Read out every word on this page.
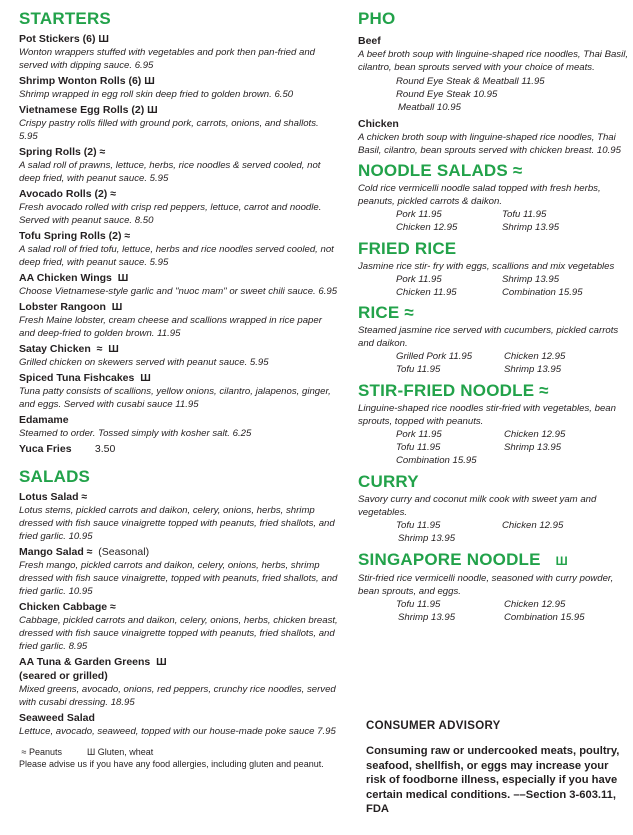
STARTERS
Pot Stickers (6) Ш
Wonton wrappers stuffed with vegetables and pork then pan-fried and served with dipping sauce. 6.95
Shrimp Wonton Rolls (6) Ш
Shrimp wrapped in egg roll skin deep fried to golden brown. 6.50
Vietnamese Egg Rolls (2) Ш
Crispy pastry rolls filled with ground pork, carrots, onions, and shallots. 5.95
Spring Rolls (2) ≈
A salad roll of prawns, lettuce, herbs, rice noodles & served cooled, not deep fried, with peanut sauce. 5.95
Avocado Rolls (2) ≈
Fresh avocado rolled with crisp red peppers, lettuce, carrot and noodle. Served with peanut sauce. 8.50
Tofu Spring Rolls (2) ≈
A salad roll of fried tofu, lettuce, herbs and rice noodles served cooled, not deep fried, with peanut sauce. 5.95
AA Chicken Wings  Ш
Choose Vietnamese-style garlic and "nuoc mam" or sweet chili sauce. 6.95
Lobster Rangoon  Ш
Fresh Maine lobster, cream cheese and scallions wrapped in rice paper and deep-fried to golden brown. 11.95
Satay Chicken  ≈  Ш
Grilled chicken on skewers served with peanut sauce. 5.95
Spiced Tuna Fishcakes  Ш
Tuna patty consists of scallions, yellow onions, cilantro, jalapenos, ginger, and eggs. Served with cusabi sauce 11.95
Edamame
Steamed to order. Tossed simply with kosher salt. 6.25
Yuca Fries        3.50
SALADS
Lotus Salad ≈
Lotus stems, pickled carrots and daikon, celery, onions, herbs, shrimp dressed with fish sauce vinaigrette topped with peanuts, fried shallots, and fried garlic. 10.95
Mango Salad ≈  (Seasonal)
Fresh mango, pickled carrots and daikon, celery, onions, herbs, shrimp dressed with fish sauce vinaigrette, topped with peanuts, fried shallots, and fried garlic. 10.95
Chicken Cabbage ≈
Cabbage, pickled carrots and daikon, celery, onions, herbs, chicken breast, dressed with fish sauce vinaigrette topped with peanuts, fried shallots, and fried garlic. 8.95
AA Tuna & Garden Greens  Ш
(seared or grilled)
Mixed greens, avocado, onions, red peppers, crunchy rice noodles, served with cusabi dressing. 18.95
Seaweed Salad
Lettuce, avocado, seaweed, topped with our house-made poke sauce 7.95
≈ Peanuts          Ш Gluten, wheat
Please advise us if you have any food allergies, including gluten and peanut.
PHO
Beef
A beef broth soup with linguine-shaped rice noodles, Thai Basil, cilantro, bean sprouts served with your choice of meats.
Round Eye Steak & Meatball 11.95
Round Eye Steak 10.95
Meatball 10.95
Chicken
A chicken broth soup with linguine-shaped rice noodles, Thai Basil, cilantro, bean sprouts served with chicken breast. 10.95
NOODLE SALADS ≈
Cold rice vermicelli noodle salad topped with fresh herbs, peanuts, pickled carrots & daikon.
Pork 11.95	Tofu 11.95
Chicken 12.95	Shrimp 13.95
FRIED RICE
Jasmine rice stir- fry with eggs, scallions and mix vegetables
Pork 11.95	Shrimp 13.95
Chicken 11.95	Combination 15.95
RICE ≈
Steamed jasmine rice served with cucumbers, pickled carrots and daikon.
Grilled Pork 11.95	Chicken 12.95
Tofu 11.95	Shrimp 13.95
STIR-FRIED NOODLE ≈
Linguine-shaped rice noodles stir-fried with vegetables, bean sprouts, topped with peanuts.
Pork 11.95	Chicken 12.95
Tofu 11.95	Shrimp 13.95
Combination 15.95
CURRY
Savory curry and coconut milk cook with sweet yam and vegetables.
Tofu 11.95	Chicken 12.95
Shrimp 13.95
SINGAPORE NOODLE Ш
Stir-fried rice vermicelli noodle, seasoned with curry powder, bean sprouts, and eggs.
Tofu 11.95	Chicken 12.95
Shrimp 13.95	Combination 15.95
CONSUMER ADVISORY
Consuming raw or undercooked meats, poultry, seafood, shellfish, or eggs may increase your risk of foodborne illness, especially if you have certain medical conditions. ––Section 3-603.11, FDA
